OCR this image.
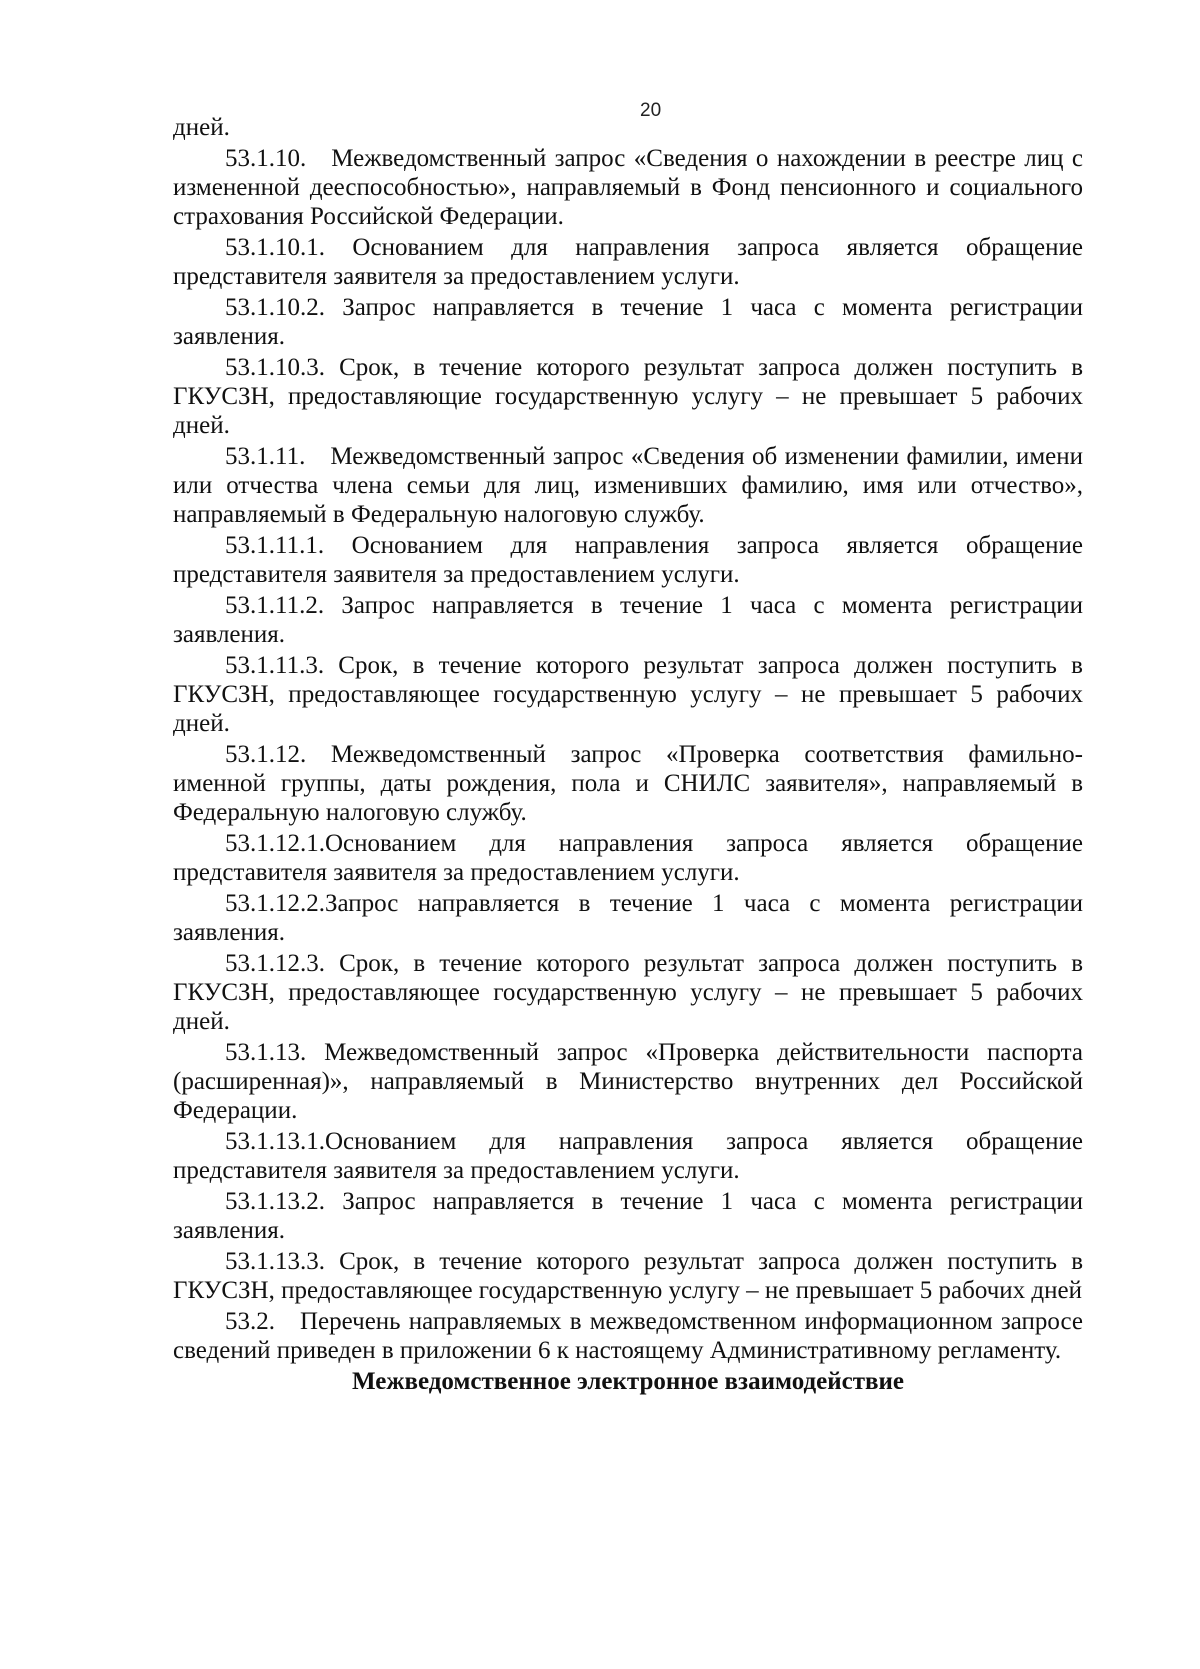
20

дней.

53.1.10. Межведомственный запрос «Сведения о нахождении в реестре лиц с измененной дееспособностью», направляемый в Фонд пенсионного и социального страхования Российской Федерации.

53.1.10.1. Основанием для направления запроса является обращение представителя заявителя за предоставлением услуги.

53.1.10.2. Запрос направляется в течение 1 часа с момента регистрации заявления.

53.1.10.3. Срок, в течение которого результат запроса должен поступить в ГКУСЗН, предоставляющие государственную услугу – не превышает 5 рабочих дней.

53.1.11. Межведомственный запрос «Сведения об изменении фамилии, имени или отчества члена семьи для лиц, изменивших фамилию, имя или отчество», направляемый в Федеральную налоговую службу.

53.1.11.1. Основанием для направления запроса является обращение представителя заявителя за предоставлением услуги.

53.1.11.2. Запрос направляется в течение 1 часа с момента регистрации заявления.

53.1.11.3. Срок, в течение которого результат запроса должен поступить в ГКУСЗН, предоставляющее государственную услугу – не превышает 5 рабочих дней.

53.1.12. Межведомственный запрос «Проверка соответствия фамильно-именной группы, даты рождения, пола и СНИЛС заявителя», направляемый в Федеральную налоговую службу.

53.1.12.1.Основанием для направления запроса является обращение представителя заявителя за предоставлением услуги.

53.1.12.2.Запрос направляется в течение 1 часа с момента регистрации заявления.

53.1.12.3. Срок, в течение которого результат запроса должен поступить в ГКУСЗН, предоставляющее государственную услугу – не превышает 5 рабочих дней.

53.1.13. Межведомственный запрос «Проверка действительности паспорта (расширенная)», направляемый в Министерство внутренних дел Российской Федерации.

53.1.13.1.Основанием для направления запроса является обращение представителя заявителя за предоставлением услуги.

53.1.13.2. Запрос направляется в течение 1 часа с момента регистрации заявления.

53.1.13.3. Срок, в течение которого результат запроса должен поступить в ГКУСЗН, предоставляющее государственную услугу – не превышает 5 рабочих дней

53.2. Перечень направляемых в межведомственном информационном запросе сведений приведен в приложении 6 к настоящему Административному регламенту.

Межведомственное электронное взаимодействие
